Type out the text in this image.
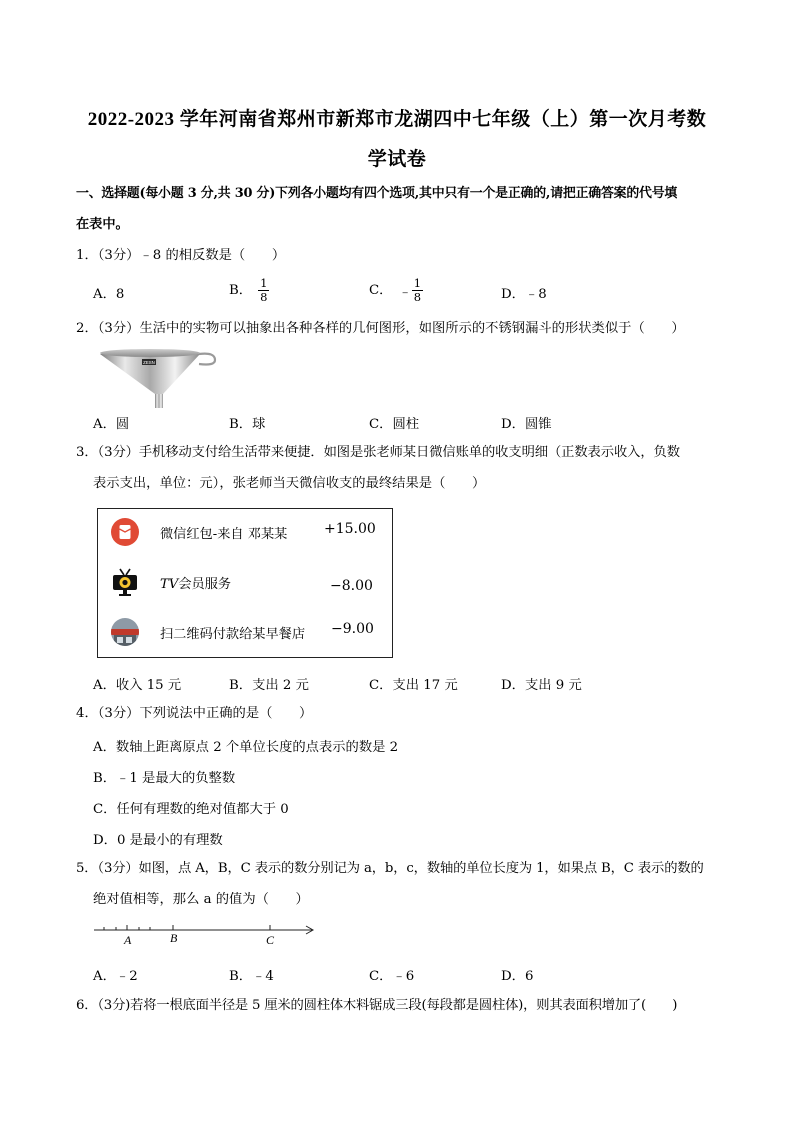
2022-2023 学年河南省郑州市新郑市龙湖四中七年级（上）第一次月考数
学试卷
一、选择题(每小题 3 分,共 30 分)下列各小题均有四个选项,其中只有一个是正确的,请把正确答案的代号填
在表中。
1．（3分）﹣8 的相反数是（　　）
A．8	B． $\frac{1}{8}$	C． ﹣ $\frac{1}{8}$	D．﹣8
2．（3分）生活中的实物可以抽象出各种各样的几何图形，如图所示的不锈钢漏斗的形状类似于（　　）
ZESN
A．圆	B．球	C．圆柱	D．圆锥
3．（3分）手机移动支付给生活带来便捷．如图是张老师某日微信账单的收支明细（正数表示收入，负数
表示支出，单位：元），张老师当天微信收支的最终结果是（　　）
微信红包-来自 邓某某	+15.00
TV会员服务	−8.00
扫二维码付款给某早餐店 −9.00
A．收入 15 元	B．支出 2 元	C．支出 17 元	D．支出 9 元
4．（3分）下列说法中正确的是（　　）
A．数轴上距离原点 2 个单位长度的点表示的数是 2
B．﹣1 是最大的负整数
C．任何有理数的绝对值都大于 0
D．0 是最小的有理数
5．（3分）如图，点 A，B，C 表示的数分别记为 a，b，c，数轴的单位长度为 1，如果点 B，C 表示的数的
绝对值相等，那么 a 的值为（　　）
A	B	C
A．﹣2	B．﹣4	C．﹣6	D．6
6．（3分)若将一根底面半径是 5 厘米的圆柱体木料锯成三段(每段都是圆柱体)，则其表面积增加了(　　)
